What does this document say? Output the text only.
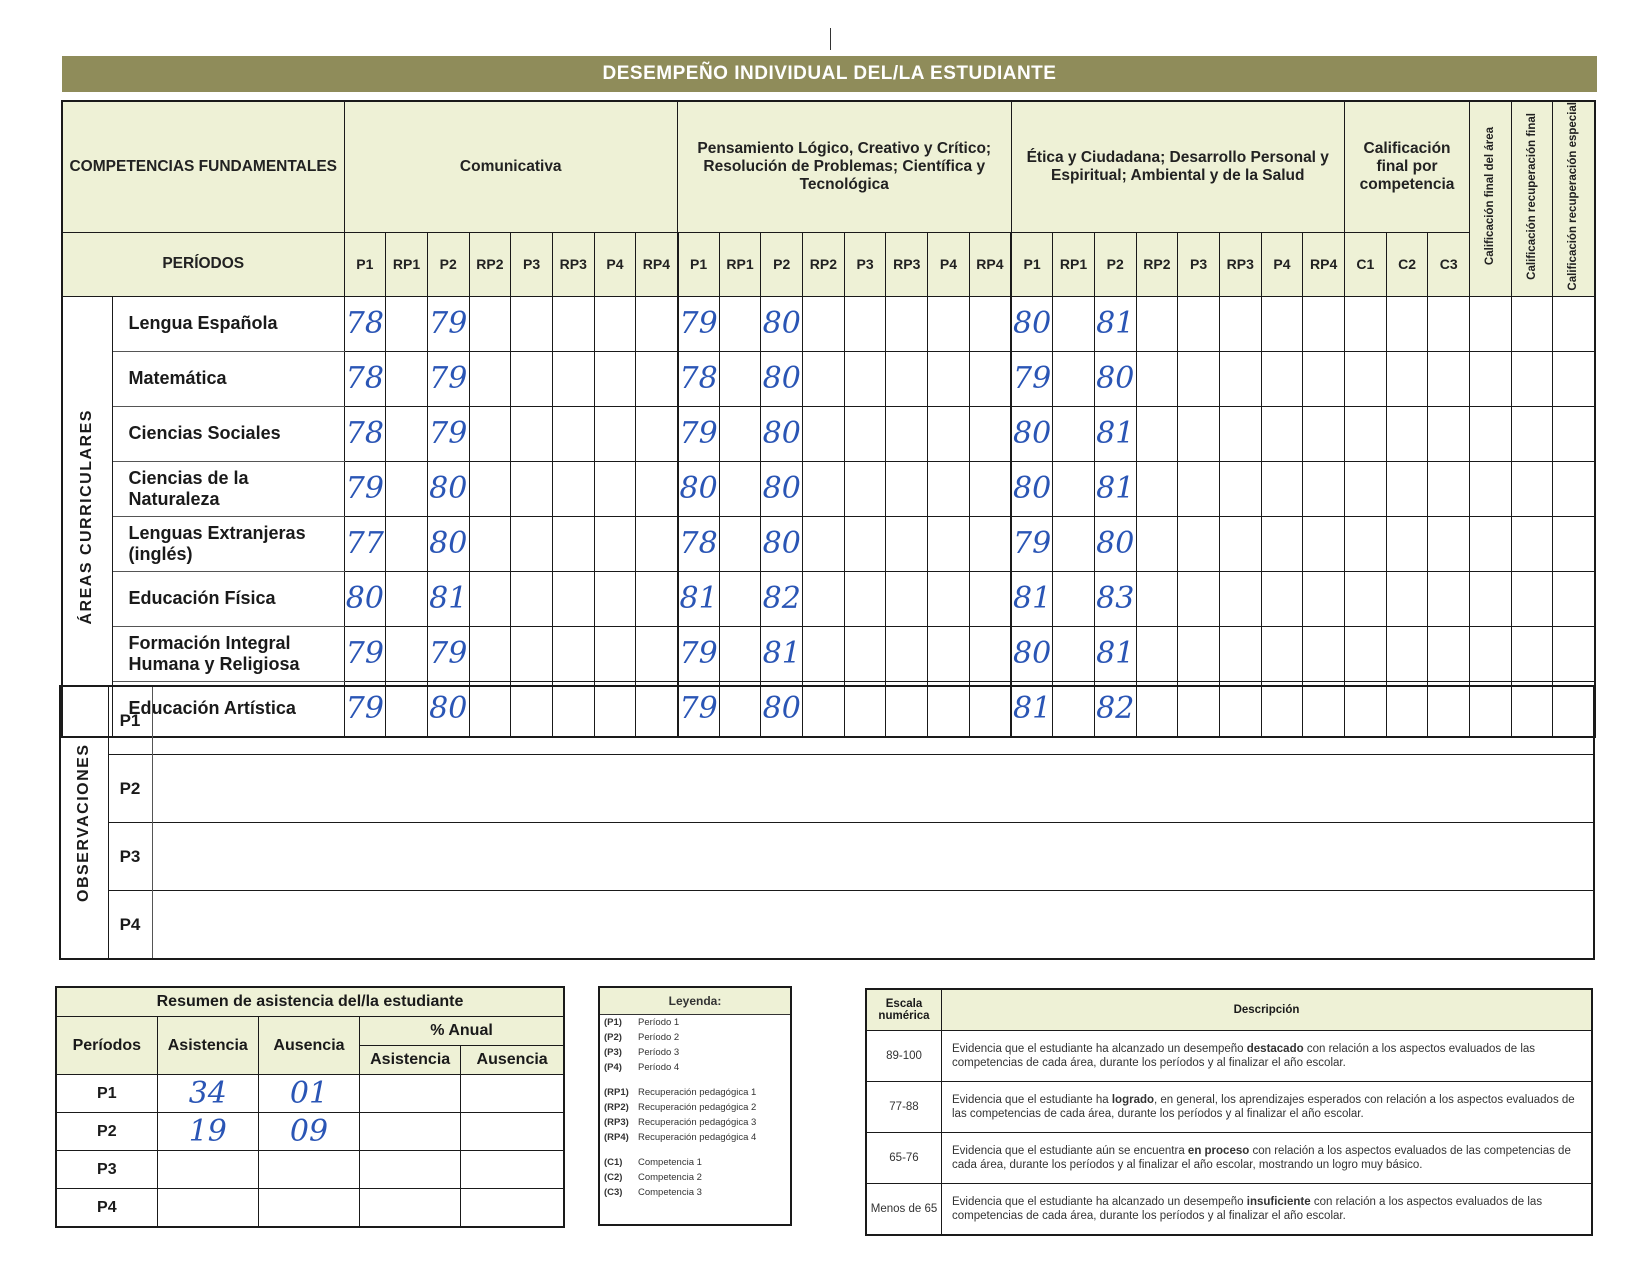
DESEMPEÑO INDIVIDUAL DEL/LA ESTUDIANTE
COMPETENCIAS FUNDAMENTALES		Comunicativa								Pensamiento Lógico, Creativo y Crítico; Resolución de Problemas; Científica y Tecnológica								Ética y Ciudadana; Desarrollo Personal y Espiritual; Ambiental y de la Salud								Calificación final por competencia			Calificación final del área	Calificación recuperación final	Calificación recuperación especial
PERÍODOS		P1	RP1	P2	RP2	P3	RP3	P4	RP4	P1	RP1	P2	RP2	P3	RP3	P4	RP4	P1	RP1	P2	RP2	P3	RP3	P4	RP4	C1	C2	C3			
ÁREAS CURRICULARES	Lengua Española	78		79						79		80						80		81											

	Matemática	78		79						78		80						79		80											

	Ciencias Sociales	78		79						79		80						80		81											

	Ciencias de la Naturaleza	79		80						80		80						80		81											

	Lenguas Extranjeras (inglés)	77		80						78		80						79		80											

	Educación Física	80		81						81		82						81		83											

	Formación Integral Humana y Religiosa	79		79						79		81						80		81											

	Educación Artística	79		80						79		80						81		82											

OBSERVACIONES	P1	
	P2	
	P3	
	P4	
Resumen de asistencia del/la estudiante				
Períodos	Asistencia	Ausencia	% Anual	
			Asistencia	Ausencia
P1	34	01		

P2	19	09		

P3				
P4				
Leyenda:
(P1)	Período 1
(P2)	Período 2
(P3)	Período 3
(P4)	Período 4
(RP1) Recuperación pedagógica 1
(RP2) Recuperación pedagógica 2
(RP3) Recuperación pedagógica 3
(RP4) Recuperación pedagógica 4
(C1)	Competencia 1
(C2)	Competencia 2
(C3)	Competencia 3
Escala numérica	Descripción
89-100	Evidencia que el estudiante ha alcanzado un desempeño destacado con relación a los aspectos evaluados de las competencias de cada área, durante los períodos y al finalizar el año escolar.
77-88	Evidencia que el estudiante ha logrado, en general, los aprendizajes esperados con relación a los aspectos evaluados de las competencias de cada área, durante los períodos y al finalizar el año escolar.
65-76	Evidencia que el estudiante aún se encuentra en proceso con relación a los aspectos evaluados de las competencias de cada área, durante los períodos y al finalizar el año escolar, mostrando un logro muy básico.
Menos de 65	Evidencia que el estudiante ha alcanzado un desempeño insuficiente con relación a los aspectos evaluados de las competencias de cada área, durante los períodos y al finalizar el año escolar.
